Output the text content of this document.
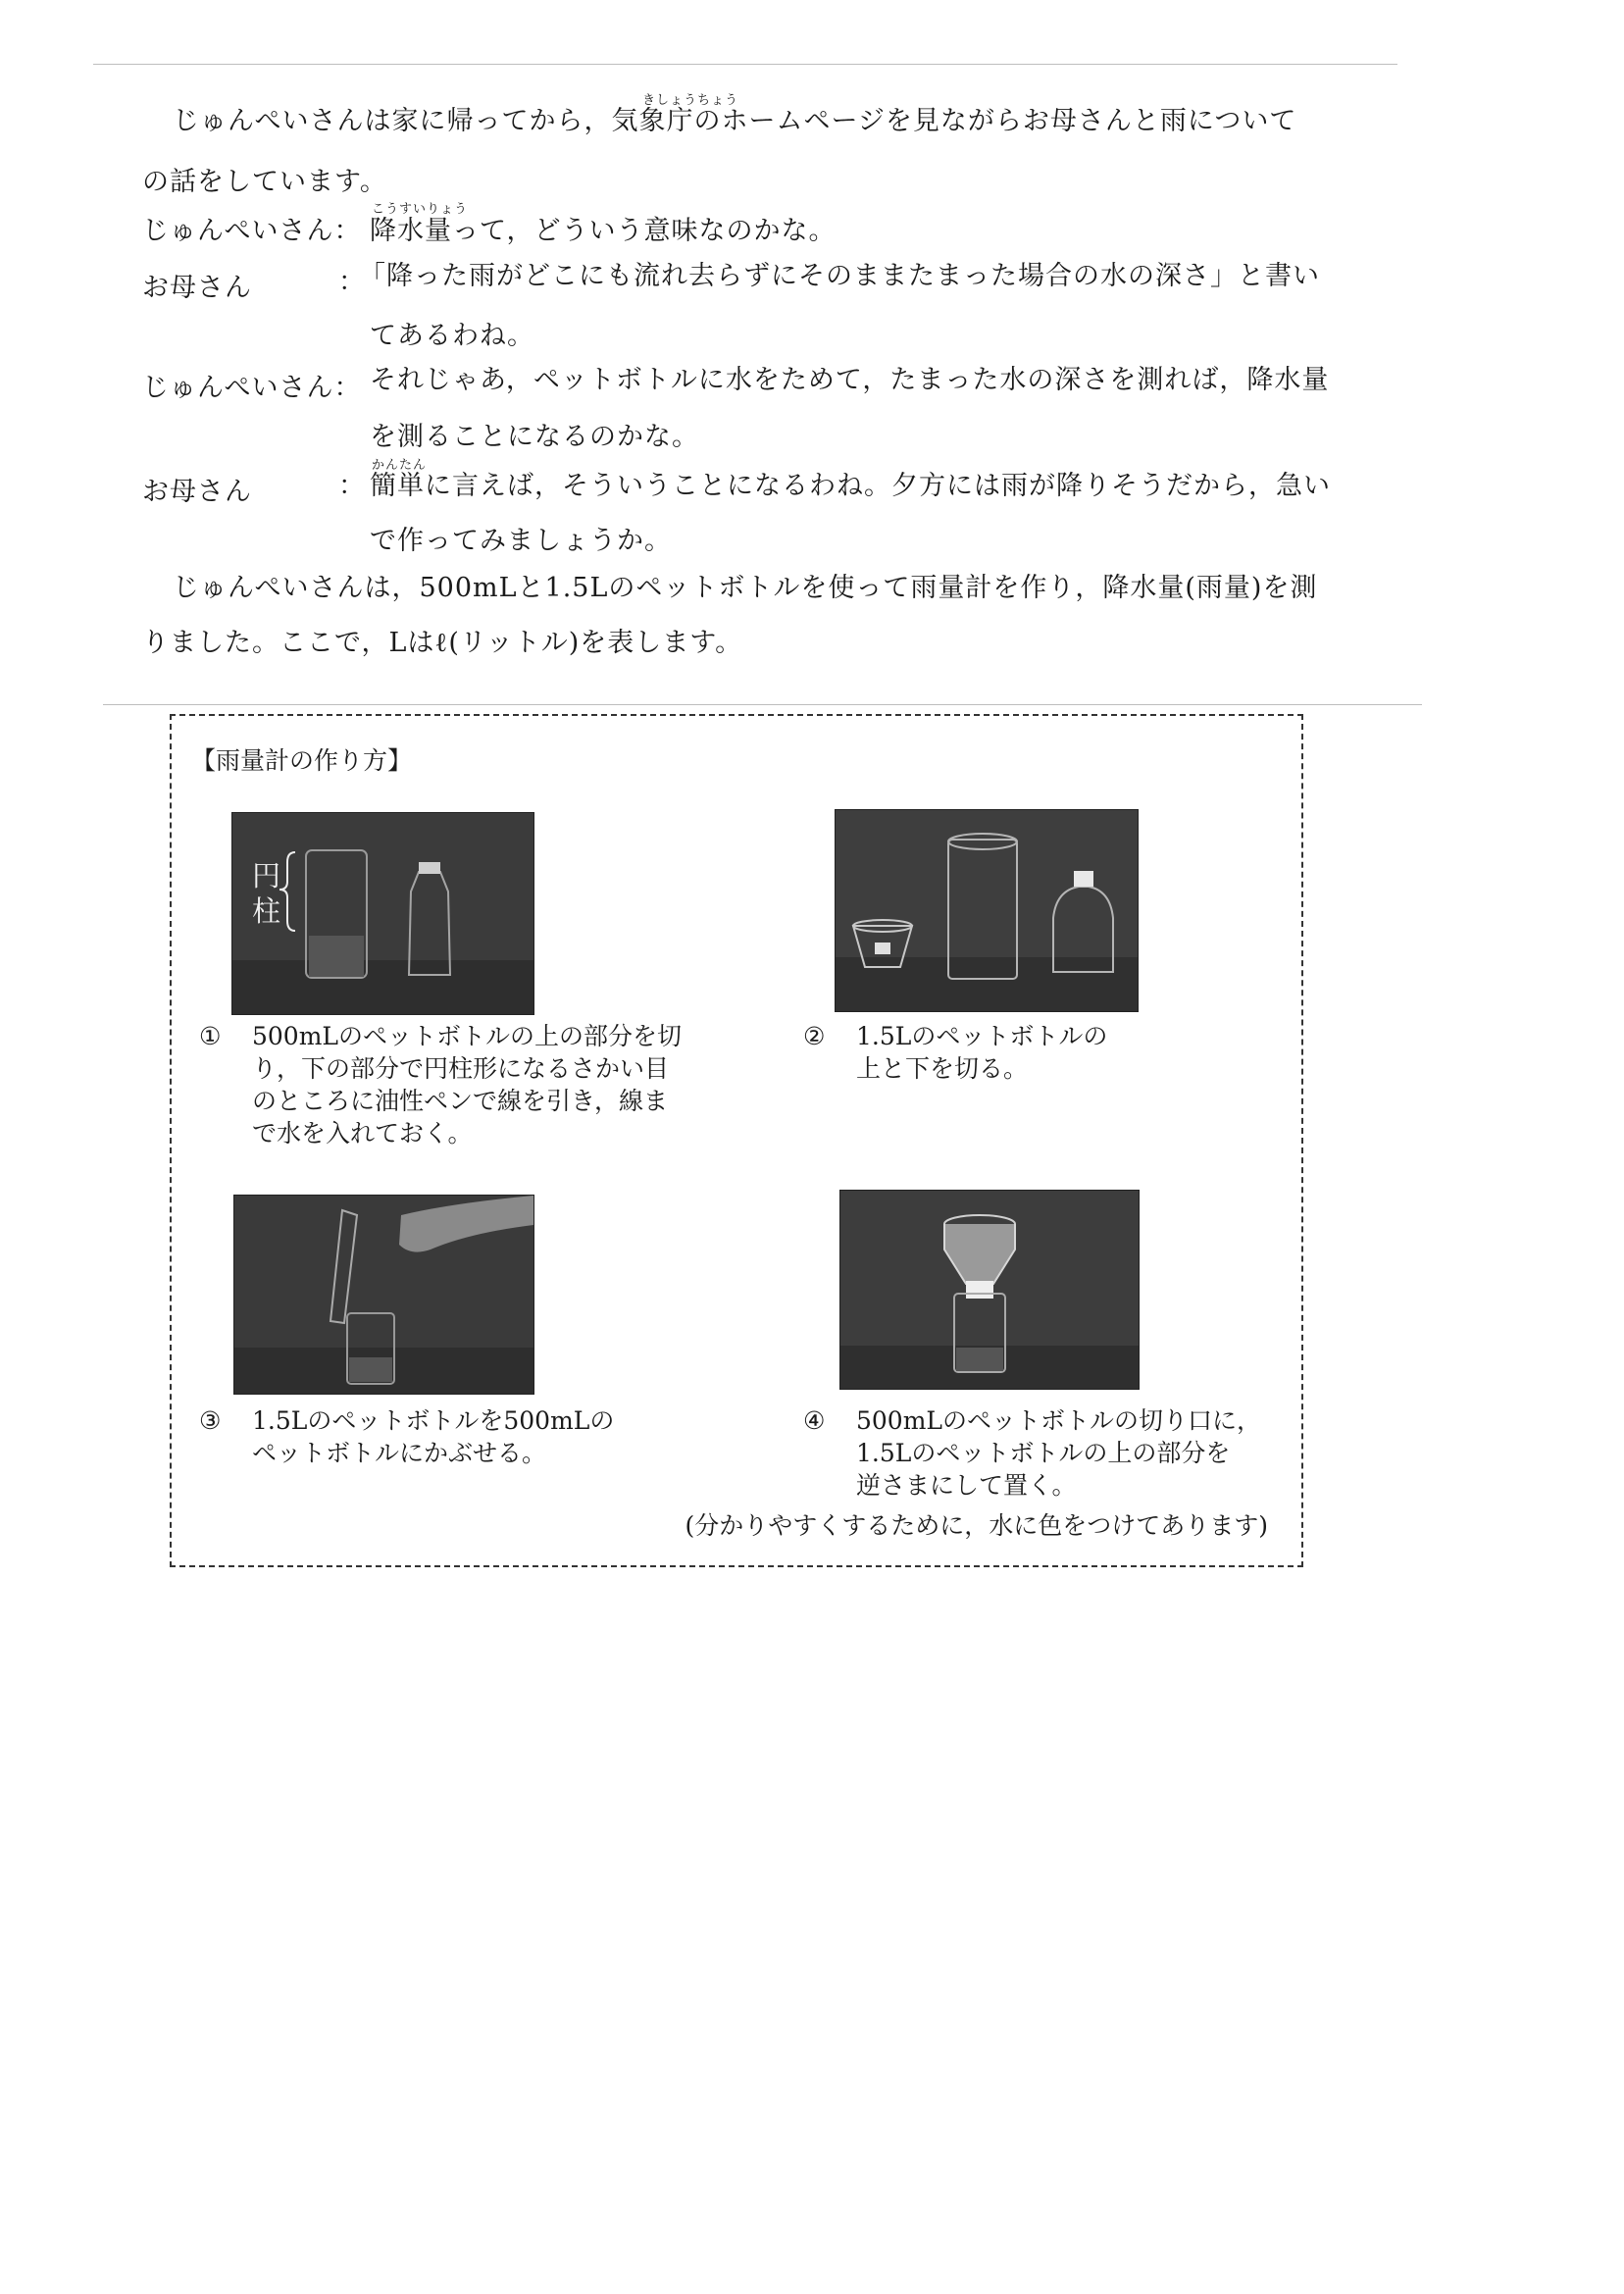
きしょうちょう
じゅんぺいさんは家に帰ってから，気象庁のホームページを見ながらお母さんと雨について
の話をしています。
こうすいりょう
じゅんぺいさん： 降水量って，どういう意味なのかな。
お母さん	：
「降った雨がどこにも流れ去らずにそのままたまった場合の水の深さ」と書い
てあるわね。
じゅんぺいさん： それじゃあ，ペットボトルに水をためて，たまった水の深さを測れば，降水量
を測ることになるのかな。
かんたん
お母さん	： 簡単に言えば，そういうことになるわね。夕方には雨が降りそうだから，急い
で作ってみましょうか。
じゅんぺいさんは，500mLと1.5Lのペットボトルを使って雨量計を作り，降水量(雨量)を測
りました。ここで，Lはℓ(リットル)を表します。
【雨量計の作り方】
円
柱
① 500mLのペットボトルの上の部分を切
り，下の部分で円柱形になるさかい目
のところに油性ペンで線を引き，線ま
で水を入れておく。
② 1.5Lのペットボトルの
上と下を切る。
③ 1.5Lのペットボトルを500mLの
ペットボトルにかぶせる。
④ 500mLのペットボトルの切り口に，
1.5Lのペットボトルの上の部分を
逆さまにして置く。
(分かりやすくするために，水に色をつけてあります)
